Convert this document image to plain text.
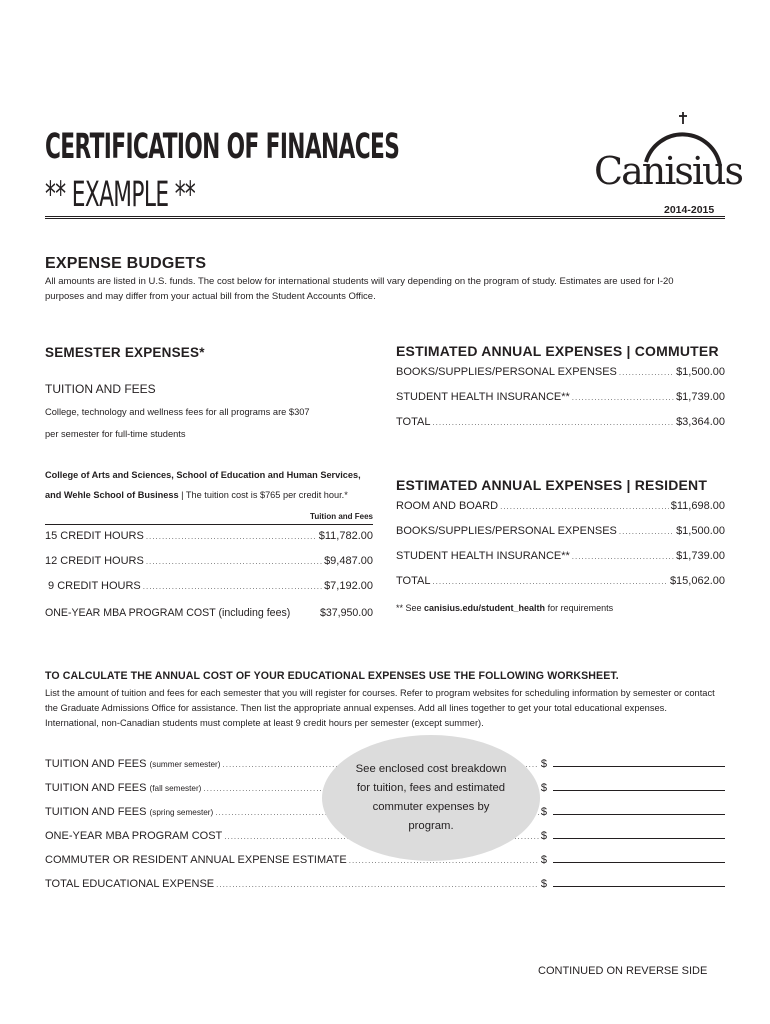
CERTIFICATION OF FINANACES
** EXAMPLE **
Canisius
2014-2015
EXPENSE BUDGETS
All amounts are listed in U.S. funds. The cost below for international students will vary depending on the program of study. Estimates are used for I-20 purposes and may differ from your actual bill from the Student Accounts Office.
SEMESTER EXPENSES*
TUITION AND FEES
College, technology and wellness fees for all programs are $307
per semester for full-time students
College of Arts and Sciences, School of Education and Human Services,
and Wehle School of Business | The tuition cost is $765 per credit hour.*
Tuition and Fees
15 CREDIT HOURS .....	$11,782.00
12 CREDIT HOURS .....	$9,487.00
9 CREDIT HOURS .....	$7,192.00
ONE-YEAR MBA PROGRAM COST (including fees)	$37,950.00
ESTIMATED ANNUAL EXPENSES | COMMUTER
BOOKS/SUPPLIES/PERSONAL EXPENSES .....	$1,500.00
STUDENT HEALTH INSURANCE** .....	$1,739.00
TOTAL .....	$3,364.00
ESTIMATED ANNUAL EXPENSES | RESIDENT
ROOM AND BOARD .....	$11,698.00
BOOKS/SUPPLIES/PERSONAL EXPENSES .....	$1,500.00
STUDENT HEALTH INSURANCE** .....	$1,739.00
TOTAL .....	$15,062.00
** See canisius.edu/student_health for requirements
TO CALCULATE THE ANNUAL COST OF YOUR EDUCATIONAL EXPENSES USE THE FOLLOWING WORKSHEET.
List the amount of tuition and fees for each semester that you will register for courses. Refer to program websites for scheduling information by semester or contact the Graduate Admissions Office for assistance. Then list the appropriate annual expenses. Add all lines together to get your total educational expenses. International, non-Canadian students must complete at least 9 credit hours per semester (except summer).
TUITION AND FEES
(summer semester) .....	$
TUITION AND FEES
(fall semester) .....	$
TUITION AND FEES
(spring semester) .....	$
ONE-YEAR MBA PROGRAM COST .....	$
COMMUTER OR RESIDENT ANNUAL EXPENSE ESTIMATE .....	$
TOTAL EDUCATIONAL EXPENSE .....	$
See enclosed cost breakdown for tuition, fees and estimated commuter expenses by program.
CONTINUED ON REVERSE SIDE
